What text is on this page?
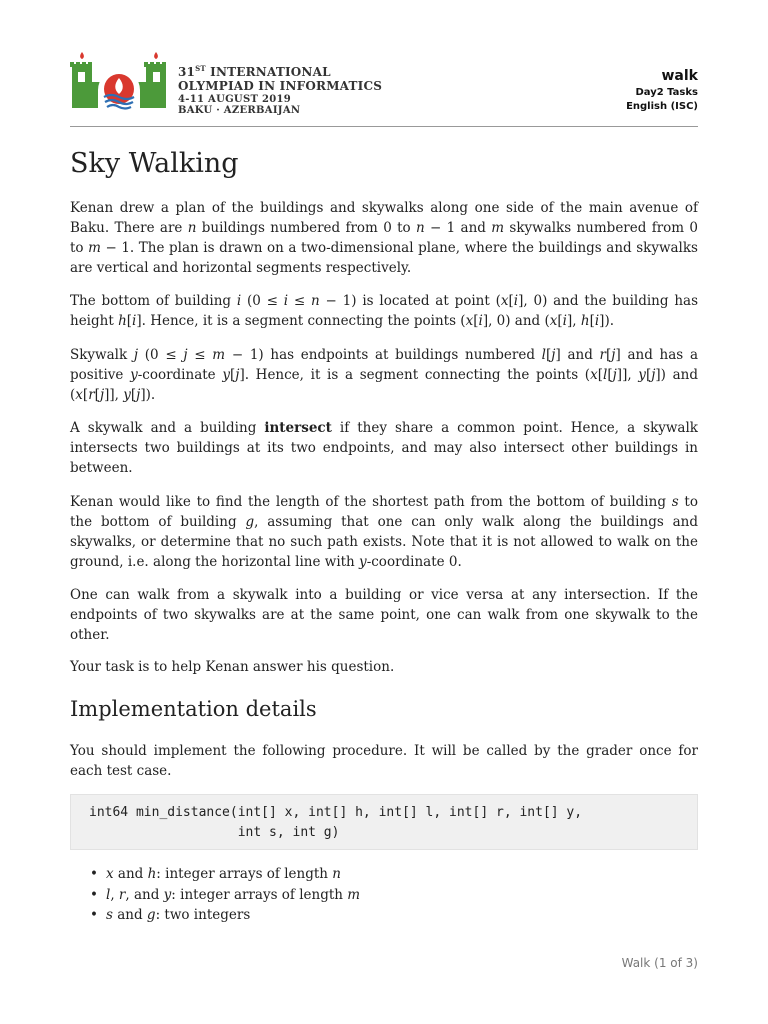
31ST INTERNATIONAL
OLYMPIAD IN INFORMATICS
4-11 AUGUST 2019
BAKU · AZERBAIJAN
walk
Day2 Tasks
English (ISC)
Sky Walking

Kenan drew a plan of the buildings and skywalks along one side of the main avenue of Baku. There are n buildings numbered from 0 to n − 1 and m skywalks numbered from 0 to m − 1. The plan is drawn on a two-dimensional plane, where the buildings and skywalks are vertical and horizontal segments respectively.

The bottom of building i (0 ≤ i ≤ n − 1) is located at point (x[i], 0) and the building has height h[i]. Hence, it is a segment connecting the points (x[i], 0) and (x[i], h[i]).

Skywalk j (0 ≤ j ≤ m − 1) has endpoints at buildings numbered l[j] and r[j] and has a positive y-coordinate y[j]. Hence, it is a segment connecting the points (x[l[j]], y[j]) and (x[r[j]], y[j]).

A skywalk and a building intersect if they share a common point. Hence, a skywalk intersects two buildings at its two endpoints, and may also intersect other buildings in between.

Kenan would like to find the length of the shortest path from the bottom of building s to the bottom of building g, assuming that one can only walk along the buildings and skywalks, or determine that no such path exists. Note that it is not allowed to walk on the ground, i.e. along the horizontal line with y-coordinate 0.

One can walk from a skywalk into a building or vice versa at any intersection. If the endpoints of two skywalks are at the same point, one can walk from one skywalk to the other.

Your task is to help Kenan answer his question.

Implementation details

You should implement the following procedure. It will be called by the grader once for each test case.

int64 min_distance(int[] x, int[] h, int[] l, int[] r, int[] y,
int s, int g)
• x and h: integer arrays of length n
• l, r, and y: integer arrays of length m
• s and g: two integers
Walk (1 of 3)
